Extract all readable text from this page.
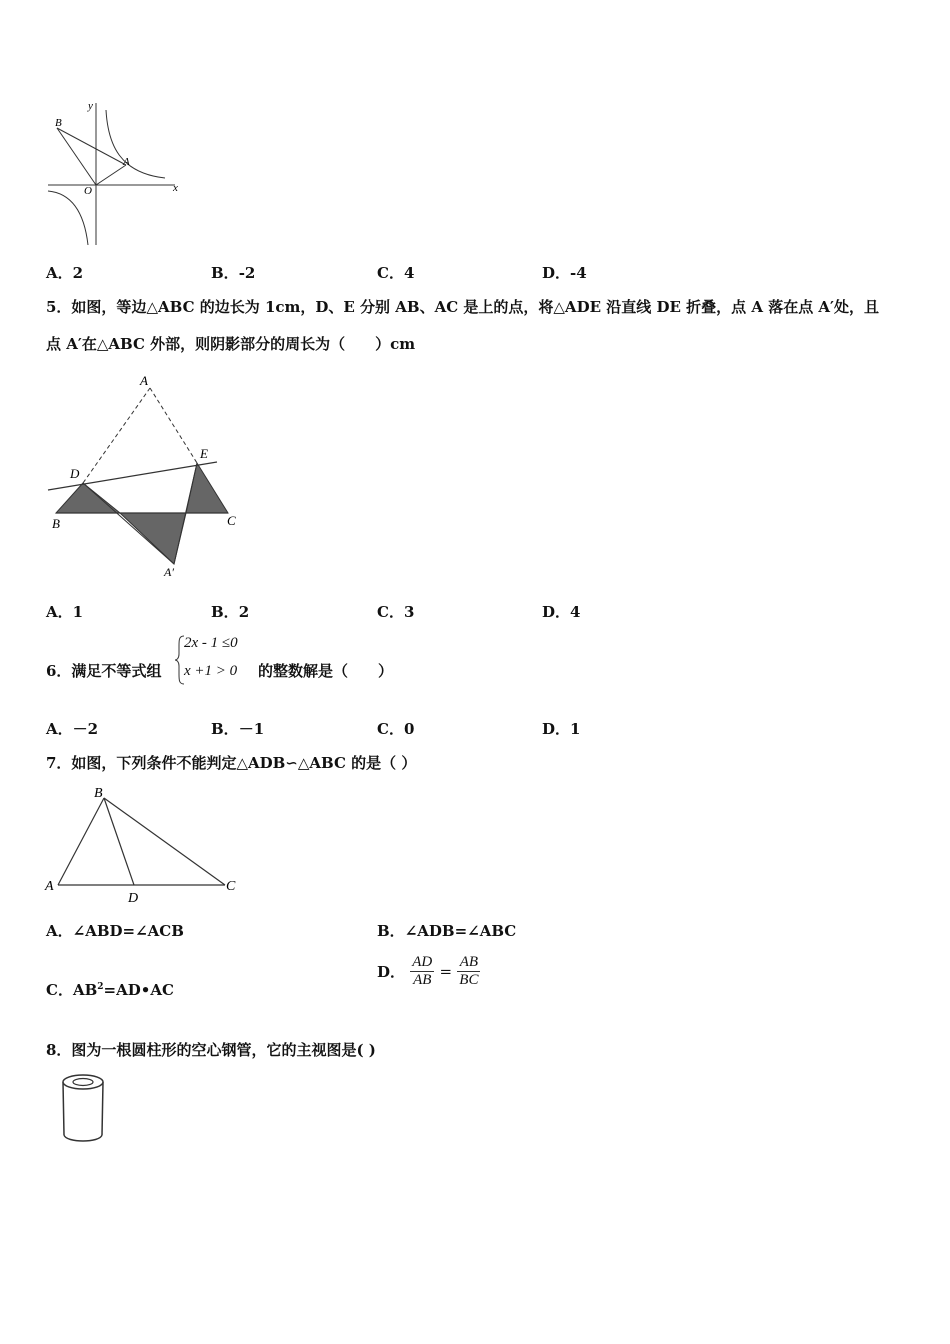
y
x
O
A
B
A．2	B．-2	C．4	D．-4
5．如图，等边△ABC 的边长为 1cm，D、E 分别 AB、AC 是上的点，将△ADE 沿直线 DE 折叠，点 A 落在点 A′处，且
点 A′在△ABC 外部，则阴影部分的周长为（　　）cm
A
D
E
B	C
A′
A．1	B．2	C．3	D．4
6．满足不等式组
2x - 1 ≤0
x +1 > 0 的整数解是（　　）
A．－2	B．－1	C．0	D．1
7．如图，下列条件不能判定△ADB∽△ABC 的是（ ）
B
A
D
C
A．∠ABD=∠ACB	B．∠ADB=∠ABC
C．$AB^2=AD•AC$
D． $\frac{AD}{AB} = \frac{AB}{BC}$
8．图为一根圆柱形的空心钢管，它的主视图是( )
